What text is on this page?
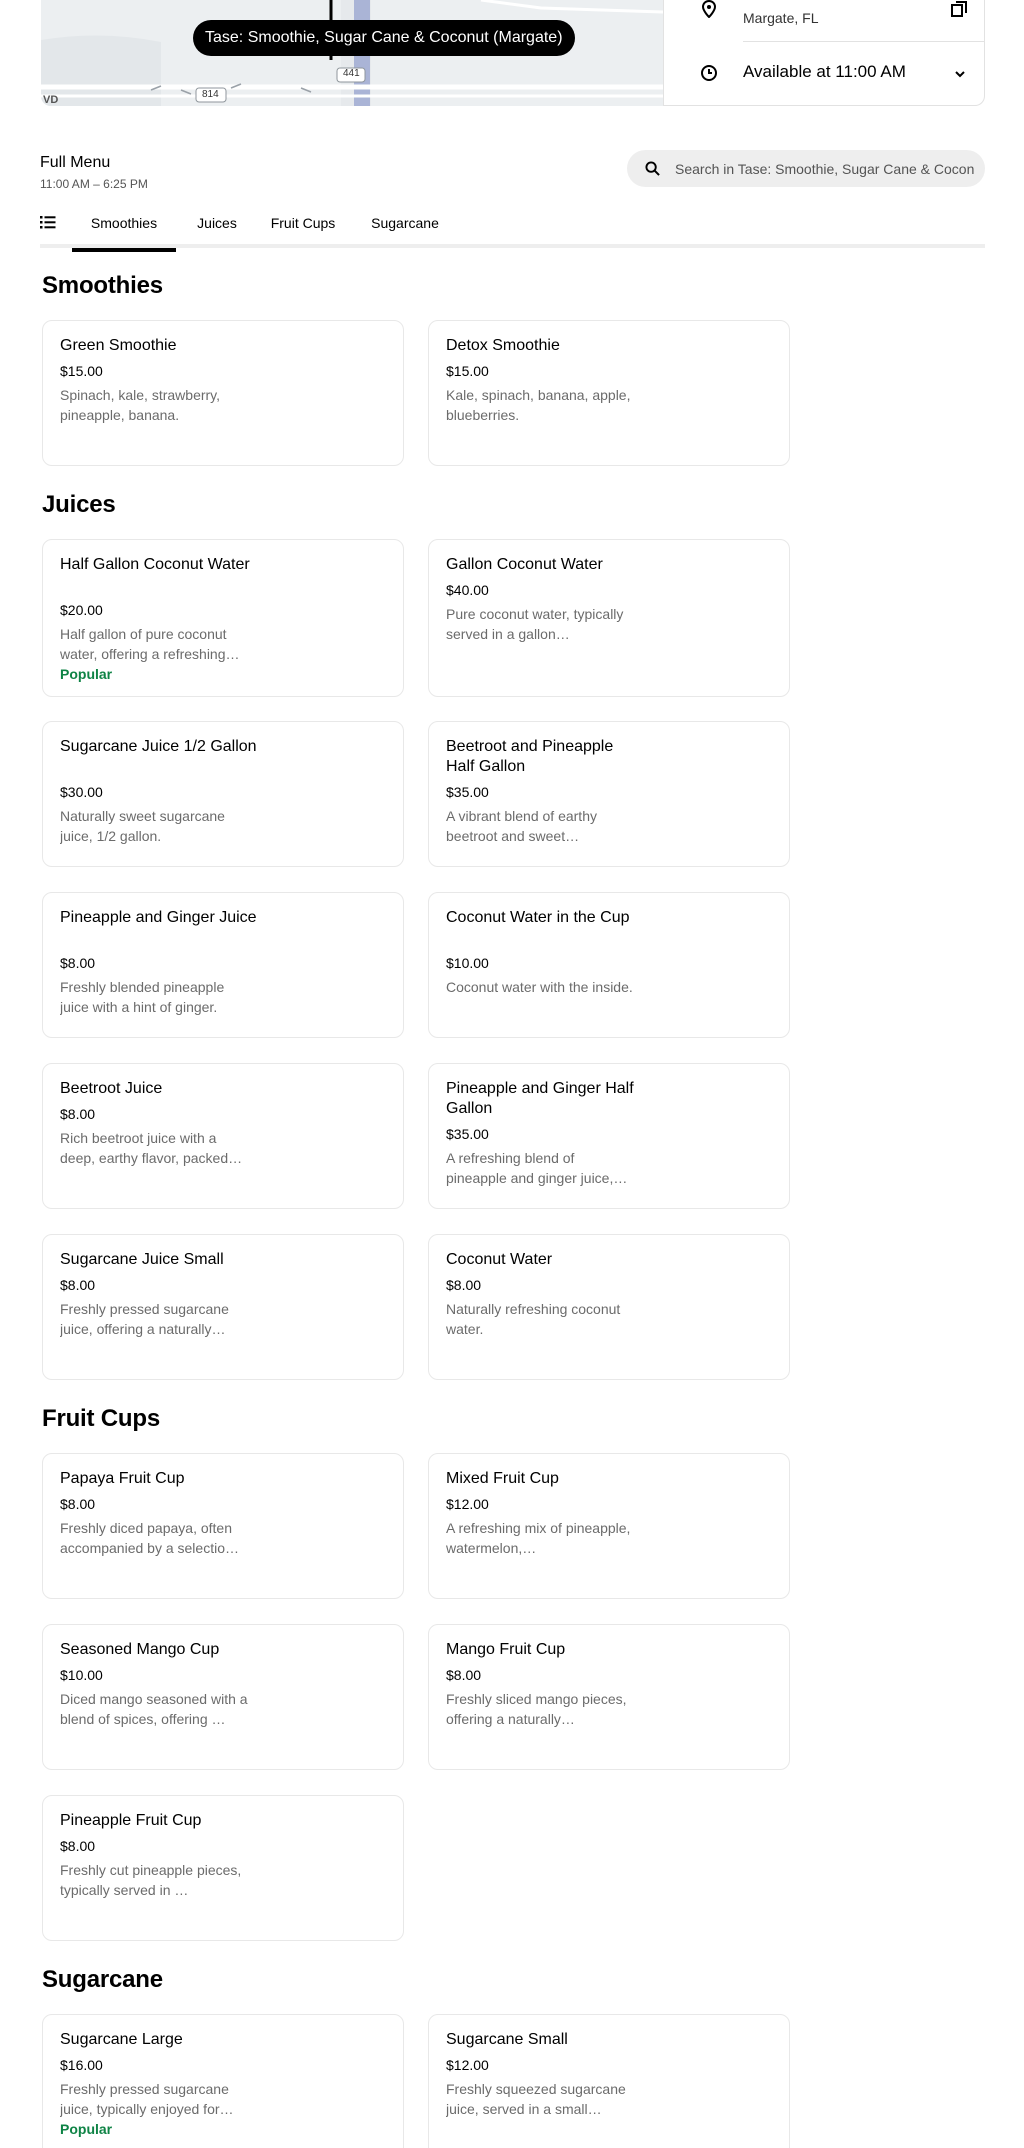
441
814
VD
Tase: Smoothie, Sugar Cane & Coconut (Margate)
Margate, FL
Available at 11:00 AM
Full Menu
11:00 AM – 6:25 PM
Search in Tase: Smoothie, Sugar Cane & Coconut
Smoothies	Juices	Fruit Cups	Sugarcane
Smoothies
Green Smoothie
$15.00
Spinach, kale, strawberry, pineapple, banana.
Detox Smoothie
$15.00
Kale, spinach, banana, apple, blueberries.
Juices
Half Gallon Coconut Water
$20.00
Half gallon of pure coconut water, offering a refreshing…
Popular
Gallon Coconut Water
$40.00
Pure coconut water, typically served in a gallon…
Sugarcane Juice 1/2 Gallon
$30.00
Naturally sweet sugarcane juice, 1/2 gallon.
Beetroot and Pineapple Half Gallon
$35.00
A vibrant blend of earthy beetroot and sweet…
Pineapple and Ginger Juice
$8.00
Freshly blended pineapple juice with a hint of ginger.
Coconut Water in the Cup
$10.00
Coconut water with the inside.
Beetroot Juice
$8.00
Rich beetroot juice with a deep, earthy flavor, packed…
Pineapple and Ginger Half Gallon
$35.00
A refreshing blend of pineapple and ginger juice,…
Sugarcane Juice Small
$8.00
Freshly pressed sugarcane juice, offering a naturally…
Coconut Water
$8.00
Naturally refreshing coconut water.
Fruit Cups
Papaya Fruit Cup
$8.00
Freshly diced papaya, often accompanied by a selectio…
Mixed Fruit Cup
$12.00
A refreshing mix of pineapple, watermelon,…
Seasoned Mango Cup
$10.00
Diced mango seasoned with a blend of spices, offering …
Mango Fruit Cup
$8.00
Freshly sliced mango pieces, offering a naturally…
Pineapple Fruit Cup
$8.00
Freshly cut pineapple pieces, typically served in …
Sugarcane
Sugarcane Large
$16.00
Freshly pressed sugarcane juice, typically enjoyed for…
Popular
Sugarcane Small
$12.00
Freshly squeezed sugarcane juice, served in a small…
